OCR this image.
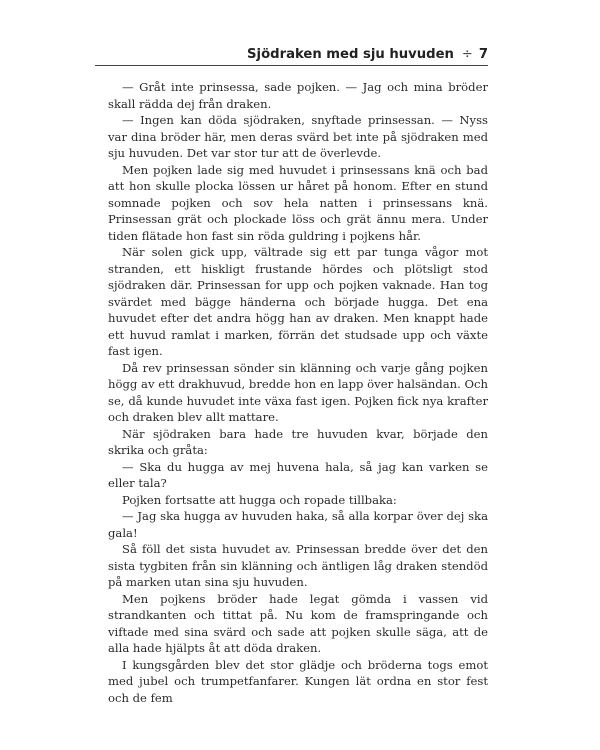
Sjödraken med sju huvuden ÷ 7

— Gråt inte prinsessa, sade pojken. — Jag och mina bröder skall rädda dej från draken.

— Ingen kan döda sjödraken, snyftade prinsessan. — Nyss var dina bröder här, men deras svärd bet inte på sjödraken med sju huvuden. Det var stor tur att de överlevde.

Men pojken lade sig med huvudet i prinsessans knä och bad att hon skulle plocka lössen ur håret på honom. Efter en stund somnade pojken och sov hela natten i prinsessans knä. Prinsessan grät och plockade löss och grät ännu mera. Under tiden flätade hon fast sin röda guldring i pojkens hår.

När solen gick upp, vältrade sig ett par tunga vågor mot stranden, ett hiskligt frustande hördes och plötsligt stod sjödraken där. Prinsessan for upp och pojken vaknade. Han tog svärdet med bägge händerna och började hugga. Det ena huvudet efter det andra högg han av draken. Men knappt hade ett huvud ramlat i marken, förrän det studsade upp och växte fast igen.

Då rev prinsessan sönder sin klänning och varje gång pojken högg av ett drakhuvud, bredde hon en lapp över halsändan. Och se, då kunde huvudet inte växa fast igen. Pojken fick nya krafter och draken blev allt mattare.

När sjödraken bara hade tre huvuden kvar, började den skrika och gråta:

— Ska du hugga av mej huvena hala, så jag kan varken se eller tala?

Pojken fortsatte att hugga och ropade tillbaka:

— Jag ska hugga av huvuden haka, så alla korpar över dej ska gala!

Så föll det sista huvudet av. Prinsessan bredde över det den sista tygbiten från sin klänning och äntligen låg draken stendöd på marken utan sina sju huvuden.

Men pojkens bröder hade legat gömda i vassen vid strandkanten och tittat på. Nu kom de framspringande och viftade med sina svärd och sade att pojken skulle säga, att de alla hade hjälpts åt att döda draken.

I kungsgården blev det stor glädje och bröderna togs emot med jubel och trumpetfanfarer. Kungen lät ordna en stor fest och de fem
